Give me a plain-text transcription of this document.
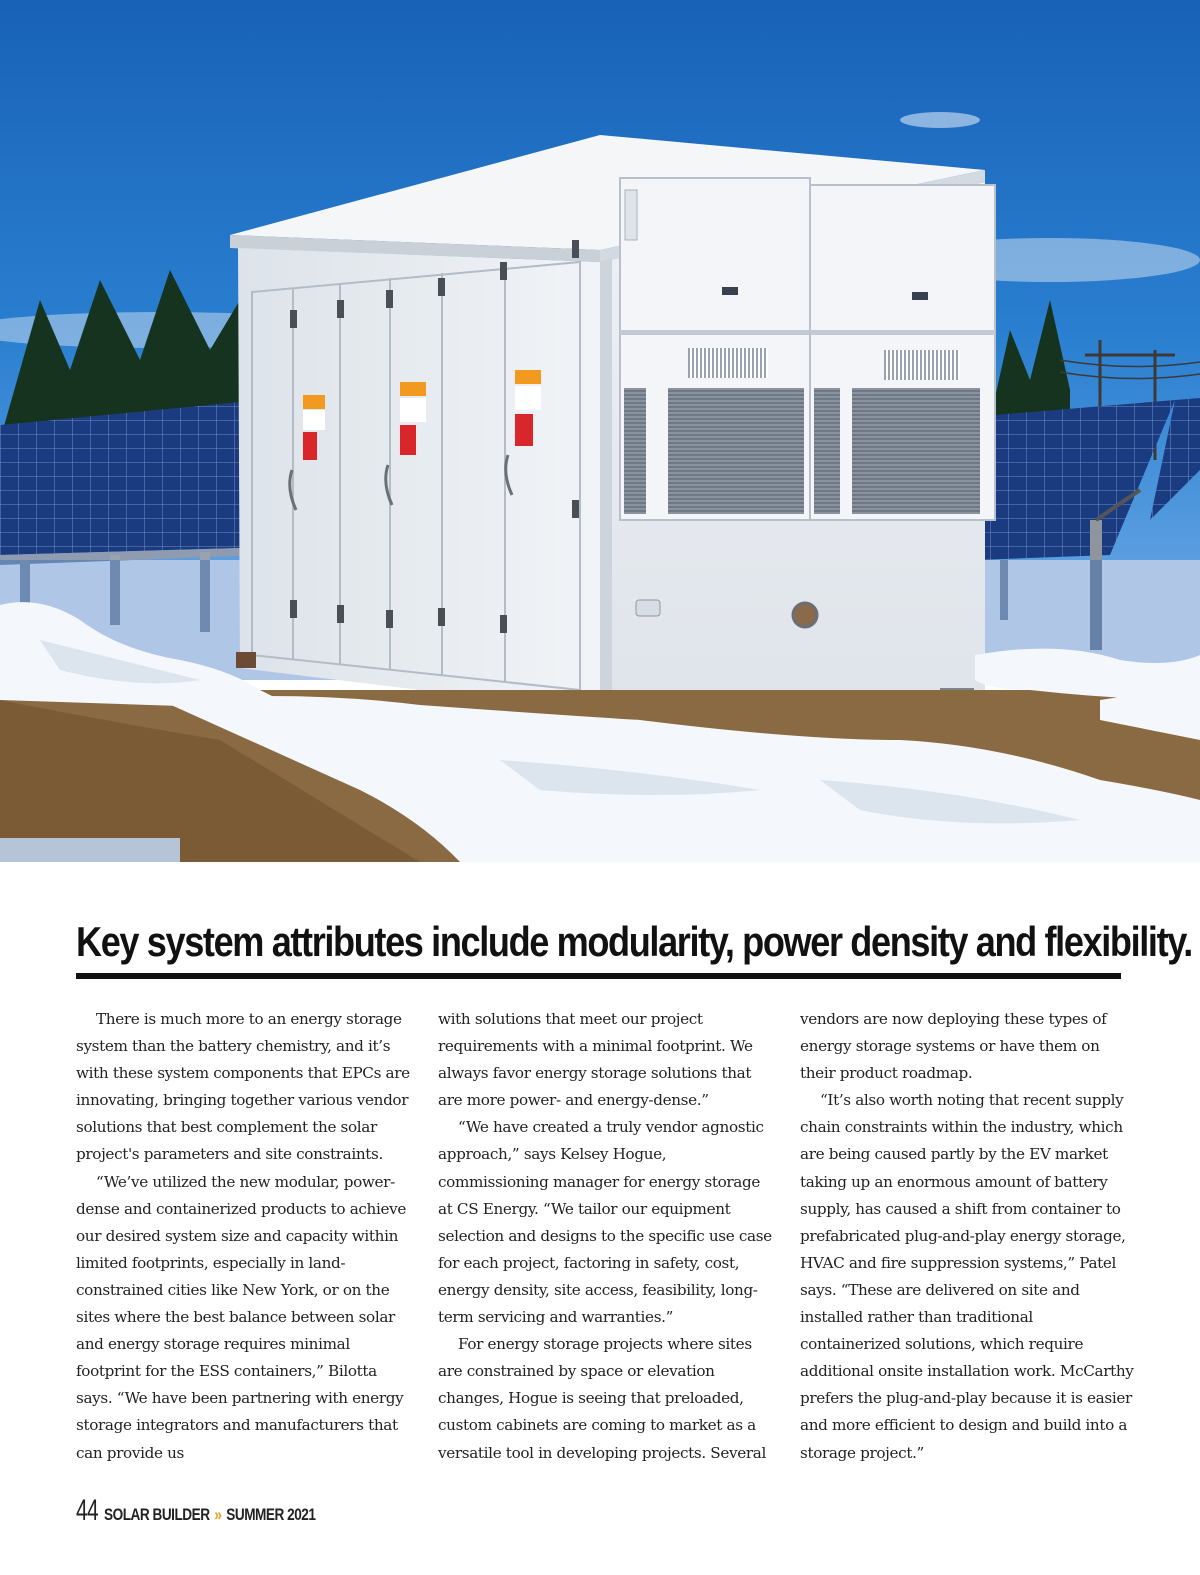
Key system attributes include modularity, power density and flexibility.

There is much more to an energy storage system than the battery chemistry, and it’s with these system components that EPCs are innovating, bringing together various vendor solutions that best complement the solar project's parameters and site constraints.

“We’ve utilized the new modular, power-dense and containerized products to achieve our desired system size and capacity within limited footprints, especially in land-constrained cities like New York, or on the sites where the best balance between solar and energy storage requires minimal footprint for the ESS containers,” Bilotta says. “We have been partnering with energy storage integrators and manufacturers that can provide us

with solutions that meet our project requirements with a minimal footprint. We always favor energy storage solutions that are more power- and energy-dense.”

“We have created a truly vendor agnostic approach,” says Kelsey Hogue, commissioning manager for energy storage at CS Energy. “We tailor our equipment selection and designs to the specific use case for each project, factoring in safety, cost, energy density, site access, feasibility, long-term servicing and warranties.”

For energy storage projects where sites are constrained by space or elevation changes, Hogue is seeing that preloaded, custom cabinets are coming to market as a versatile tool in developing projects. Several

vendors are now deploying these types of energy storage systems or have them on their product roadmap.

“It’s also worth noting that recent supply chain constraints within the industry, which are being caused partly by the EV market taking up an enormous amount of battery supply, has caused a shift from container to prefabricated plug-and-play energy storage, HVAC and fire suppression systems,” Patel says. “These are delivered on site and installed rather than traditional containerized solutions, which require additional onsite installation work. McCarthy prefers the plug-and-play because it is easier and more efficient to design and build into a storage project.”

44 SOLAR BUILDER » SUMMER 2021
